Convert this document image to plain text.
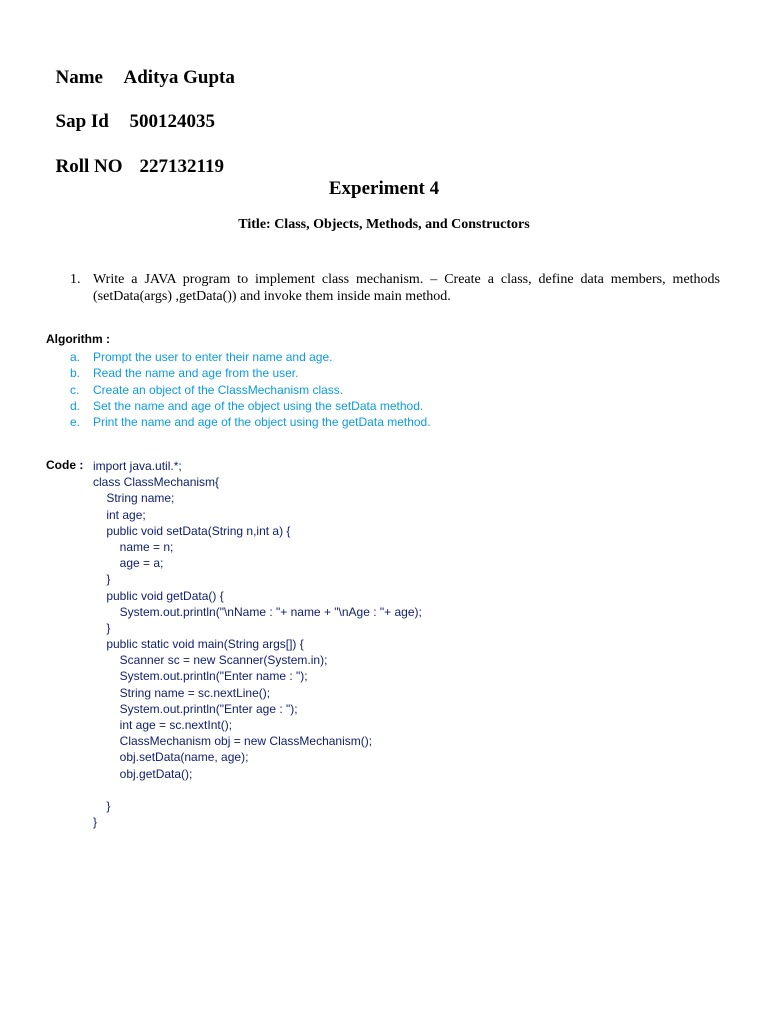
Name Aditya Gupta

Sap Id 500124035

Roll NO 227132119

Experiment 4
Title: Class, Objects, Methods, and Constructors
1. Write a JAVA program to implement class mechanism. – Create a class, define data members, methods (setData(args) ,getData()) and invoke them inside main method.
Algorithm :
a. Prompt the user to enter their name and age.
b. Read the name and age from the user.
c. Create an object of the ClassMechanism class.
d. Set the name and age of the object using the setData method.
e. Print the name and age of the object using the getData method.
Code : import java.util.*;
class ClassMechanism{
String name;
int age;
public void setData(String n,int a) {
name = n;
age = a;
}
public void getData() {
System.out.println("\nName : "+ name + "\nAge : "+ age);
}
public static void main(String args[]) {
Scanner sc = new Scanner(System.in);
System.out.println("Enter name : ");
String name = sc.nextLine();
System.out.println("Enter age : ");
int age = sc.nextInt();
ClassMechanism obj = new ClassMechanism();
obj.setData(name, age);
obj.getData();
}
}
